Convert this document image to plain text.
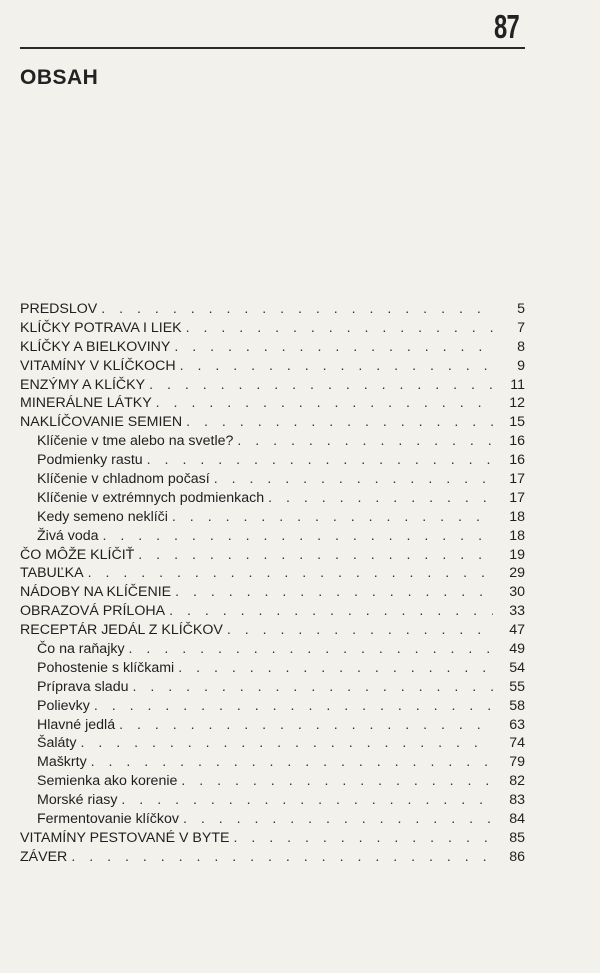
87
OBSAH
PREDSLOV . . .	5
KLÍČKY POTRAVA I LIEK . . .	7
KLÍČKY A BIELKOVINY . . .	8
VITAMÍNY V KLÍČKOCH . . .	9
ENZÝMY A KLÍČKY . . .	11
MINERÁLNE LÁTKY . . .	12
NAKLÍČOVANIE SEMIEN . . .	15
Klíčenie v tme alebo na svetle? . . .	16
Podmienky rastu . . .	16
Klíčenie v chladnom počasí . . .	17
Klíčenie v extrémnych podmienkach . . .	17
Kedy semeno neklíči . . .	18
Živá voda . . .	18
ČO MÔŽE KLÍČIŤ . . .	19
TABUĽKA . . .	29
NÁDOBY NA KLÍČENIE . . .	30
OBRAZOVÁ PRÍLOHA . . .	33
RECEPTÁR JEDÁL Z KLÍČKOV . . .	47
Čo na raňajky . . .	49
Pohostenie s klíčkami . . .	54
Príprava sladu . . .	55
Polievky . . .	58
Hlavné jedlá . . .	63
Šaláty . . .	74
Maškrty . . .	79
Semienka ako korenie . . .	82
Morské riasy . . .	83
Fermentovanie klíčkov . . .	84
VITAMÍNY PESTOVANÉ V BYTE . . .	85
ZÁVER . . .	86
